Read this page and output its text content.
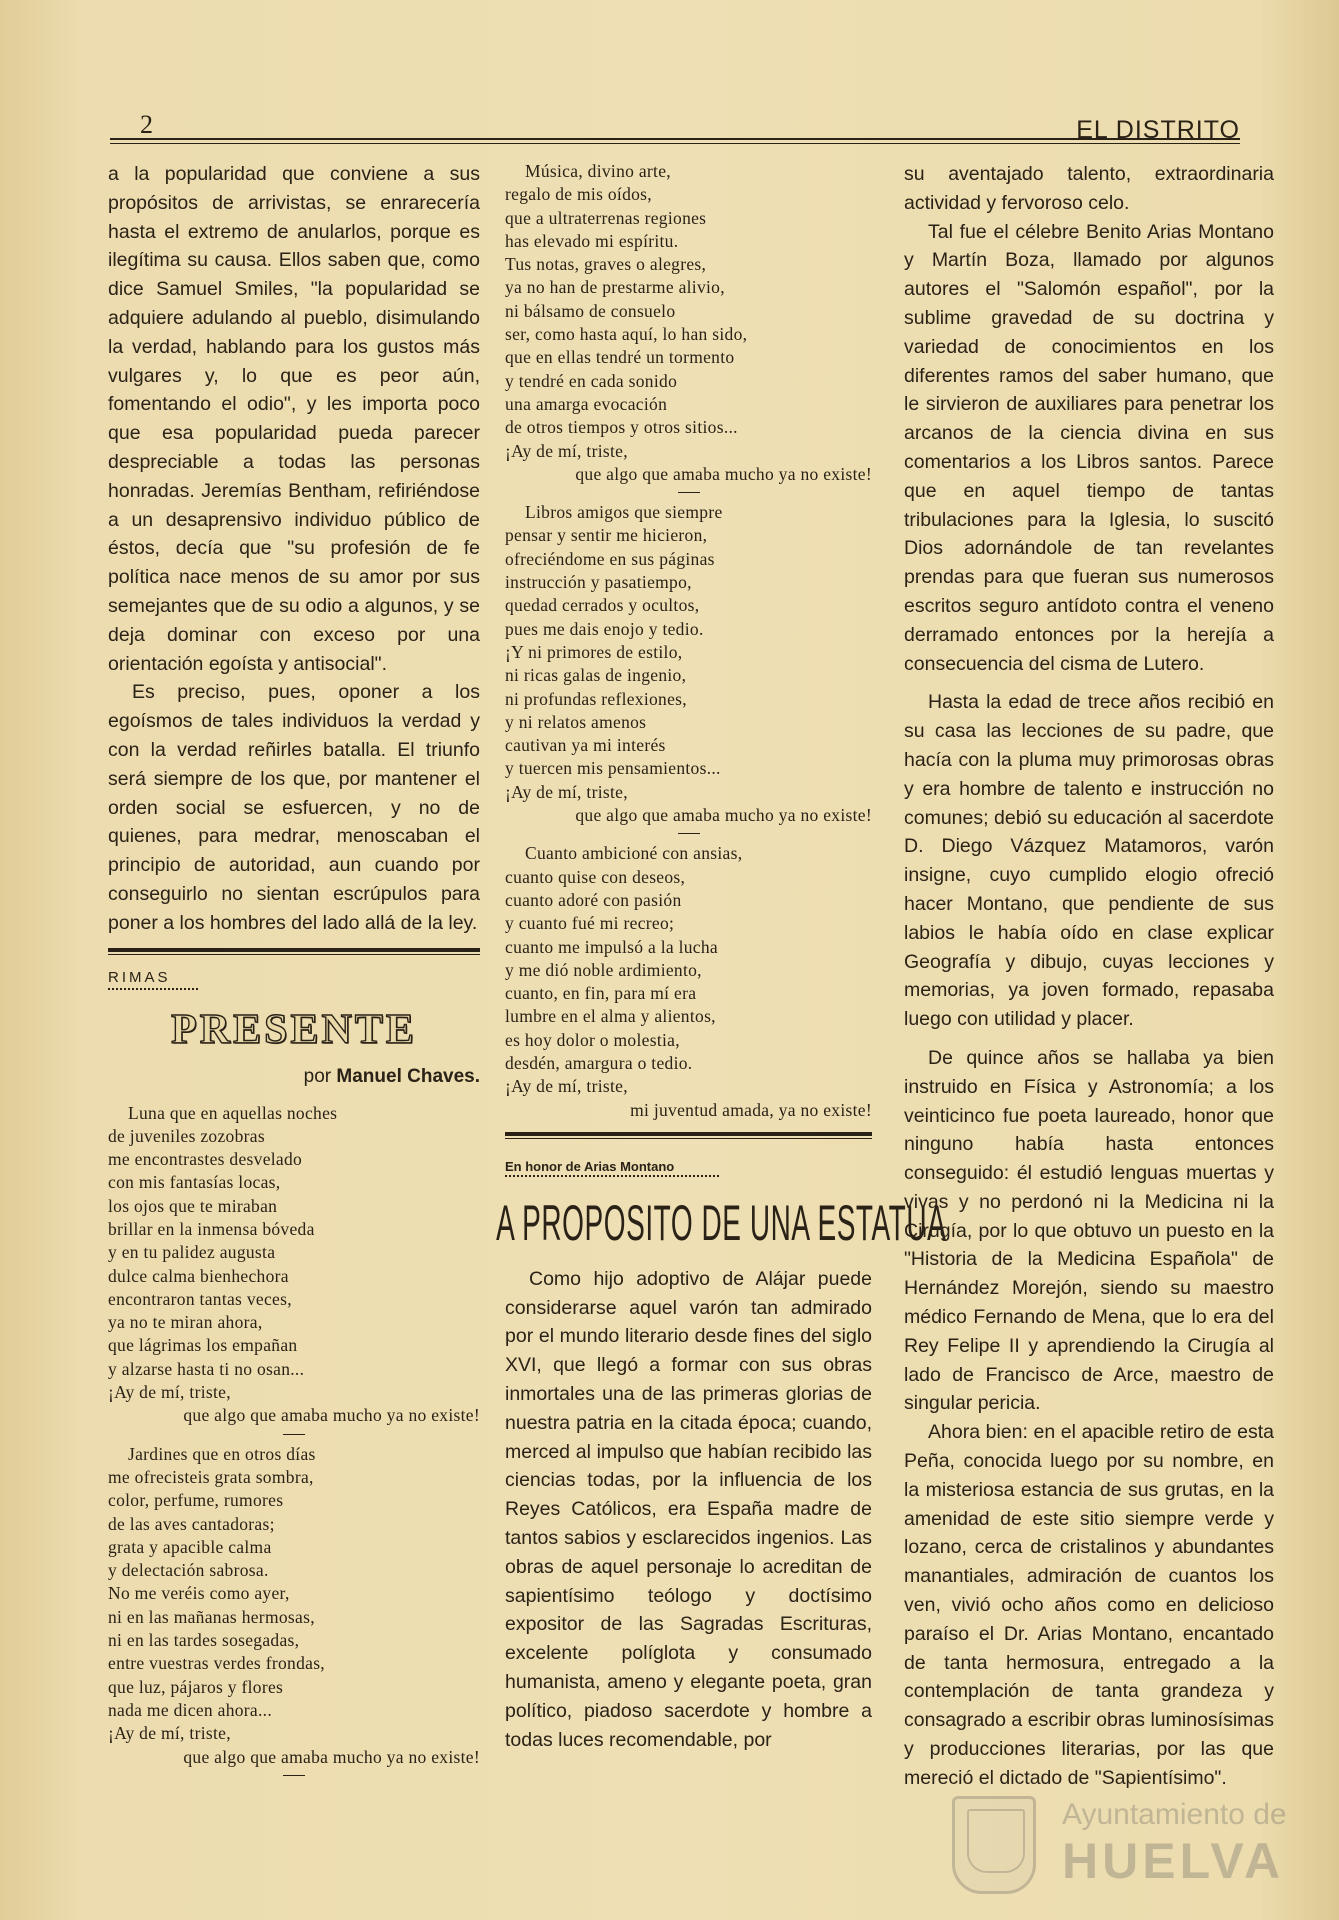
2	EL DISTRITO

a la popularidad que conviene a sus propósitos de arrivistas, se enrarecería hasta el extremo de anularlos, porque es ilegítima su causa. Ellos saben que, como dice Samuel Smiles, "la popularidad se adquiere adulando al pueblo, disimulando la verdad, hablando para los gustos más vulgares y, lo que es peor aún, fomentando el odio", y les importa poco que esa popularidad pueda parecer despreciable a todas las personas honradas. Jeremías Bentham, refiriéndose a un desaprensivo individuo público de éstos, decía que "su profesión de fe política nace menos de su amor por sus semejantes que de su odio a algunos, y se deja dominar con exceso por una orientación egoísta y antisocial".

Es preciso, pues, oponer a los egoísmos de tales individuos la verdad y con la verdad reñirles batalla. El triunfo será siempre de los que, por mantener el orden social se esfuercen, y no de quienes, para medrar, menoscaban el principio de autoridad, aun cuando por conseguirlo no sientan escrúpulos para poner a los hombres del lado allá de la ley.

RIMAS
PRESENTE
por Manuel Chaves.
Luna que en aquellas noches
de juveniles zozobras
me encontrastes desvelado
con mis fantasías locas,
los ojos que te miraban
brillar en la inmensa bóveda
y en tu palidez augusta
dulce calma bienhechora
encontraron tantas veces,
ya no te miran ahora,
que lágrimas los empañan
y alzarse hasta ti no osan...
¡Ay de mí, triste,
que algo que amaba mucho ya no existe!
Jardines que en otros días
me ofrecisteis grata sombra,
color, perfume, rumores
de las aves cantadoras;
grata y apacible calma
y delectación sabrosa.
No me veréis como ayer,
ni en las mañanas hermosas,
ni en las tardes sosegadas,
entre vuestras verdes frondas,
que luz, pájaros y flores
nada me dicen ahora...
¡Ay de mí, triste,
que algo que amaba mucho ya no existe!
Música, divino arte,
regalo de mis oídos,
que a ultraterrenas regiones
has elevado mi espíritu.
Tus notas, graves o alegres,
ya no han de prestarme alivio,
ni bálsamo de consuelo
ser, como hasta aquí, lo han sido,
que en ellas tendré un tormento
y tendré en cada sonido
una amarga evocación
de otros tiempos y otros sitios...
¡Ay de mí, triste,
que algo que amaba mucho ya no existe!
Libros amigos que siempre
pensar y sentir me hicieron,
ofreciéndome en sus páginas
instrucción y pasatiempo,
quedad cerrados y ocultos,
pues me dais enojo y tedio.
¡Y ni primores de estilo,
ni ricas galas de ingenio,
ni profundas reflexiones,
y ni relatos amenos
cautivan ya mi interés
y tuercen mis pensamientos...
¡Ay de mí, triste,
que algo que amaba mucho ya no existe!
Cuanto ambicioné con ansias,
cuanto quise con deseos,
cuanto adoré con pasión
y cuanto fué mi recreo;
cuanto me impulsó a la lucha
y me dió noble ardimiento,
cuanto, en fin, para mí era
lumbre en el alma y alientos,
es hoy dolor o molestia,
desdén, amargura o tedio.
¡Ay de mí, triste,
mi juventud amada, ya no existe!
En honor de Arias Montano
A PROPOSITO DE UNA ESTATUA

Como hijo adoptivo de Alájar puede considerarse aquel varón tan admirado por el mundo literario desde fines del siglo XVI, que llegó a formar con sus obras inmortales una de las primeras glorias de nuestra patria en la citada época; cuando, merced al impulso que habían recibido las ciencias todas, por la influencia de los Reyes Católicos, era España madre de tantos sabios y esclarecidos ingenios. Las obras de aquel personaje lo acreditan de sapientísimo teólogo y doctísimo expositor de las Sagradas Escrituras, excelente políglota y consumado humanista, ameno y elegante poeta, gran político, piadoso sacerdote y hombre a todas luces recomendable, por

su aventajado talento, extraordinaria actividad y fervoroso celo.

Tal fue el célebre Benito Arias Montano y Martín Boza, llamado por algunos autores el "Salomón español", por la sublime gravedad de su doctrina y variedad de conocimientos en los diferentes ramos del saber humano, que le sirvieron de auxiliares para penetrar los arcanos de la ciencia divina en sus comentarios a los Libros santos. Parece que en aquel tiempo de tantas tribulaciones para la Iglesia, lo suscitó Dios adornándole de tan revelantes prendas para que fueran sus numerosos escritos seguro antídoto contra el veneno derramado entonces por la herejía a consecuencia del cisma de Lutero.

Hasta la edad de trece años recibió en su casa las lecciones de su padre, que hacía con la pluma muy primorosas obras y era hombre de talento e instrucción no comunes; debió su educación al sacerdote D. Diego Vázquez Matamoros, varón insigne, cuyo cumplido elogio ofreció hacer Montano, que pendiente de sus labios le había oído en clase explicar Geografía y dibujo, cuyas lecciones y memorias, ya joven formado, repasaba luego con utilidad y placer.

De quince años se hallaba ya bien instruido en Física y Astronomía; a los veinticinco fue poeta laureado, honor que ninguno había hasta entonces conseguido: él estudió lenguas muertas y vivas y no perdonó ni la Medicina ni la Cirugía, por lo que obtuvo un puesto en la "Historia de la Medicina Española" de Hernández Morejón, siendo su maestro médico Fernando de Mena, que lo era del Rey Felipe II y aprendiendo la Cirugía al lado de Francisco de Arce, maestro de singular pericia.

Ahora bien: en el apacible retiro de esta Peña, conocida luego por su nombre, en la misteriosa estancia de sus grutas, en la amenidad de este sitio siempre verde y lozano, cerca de cristalinos y abundantes manantiales, admiración de cuantos los ven, vivió ocho años como en delicioso paraíso el Dr. Arias Montano, encantado de tanta hermosura, entregado a la contemplación de tanta grandeza y consagrado a escribir obras luminosísimas y producciones literarias, por las que mereció el dictado de "Sapientísimo".

Ayuntamiento de
HUELVA
